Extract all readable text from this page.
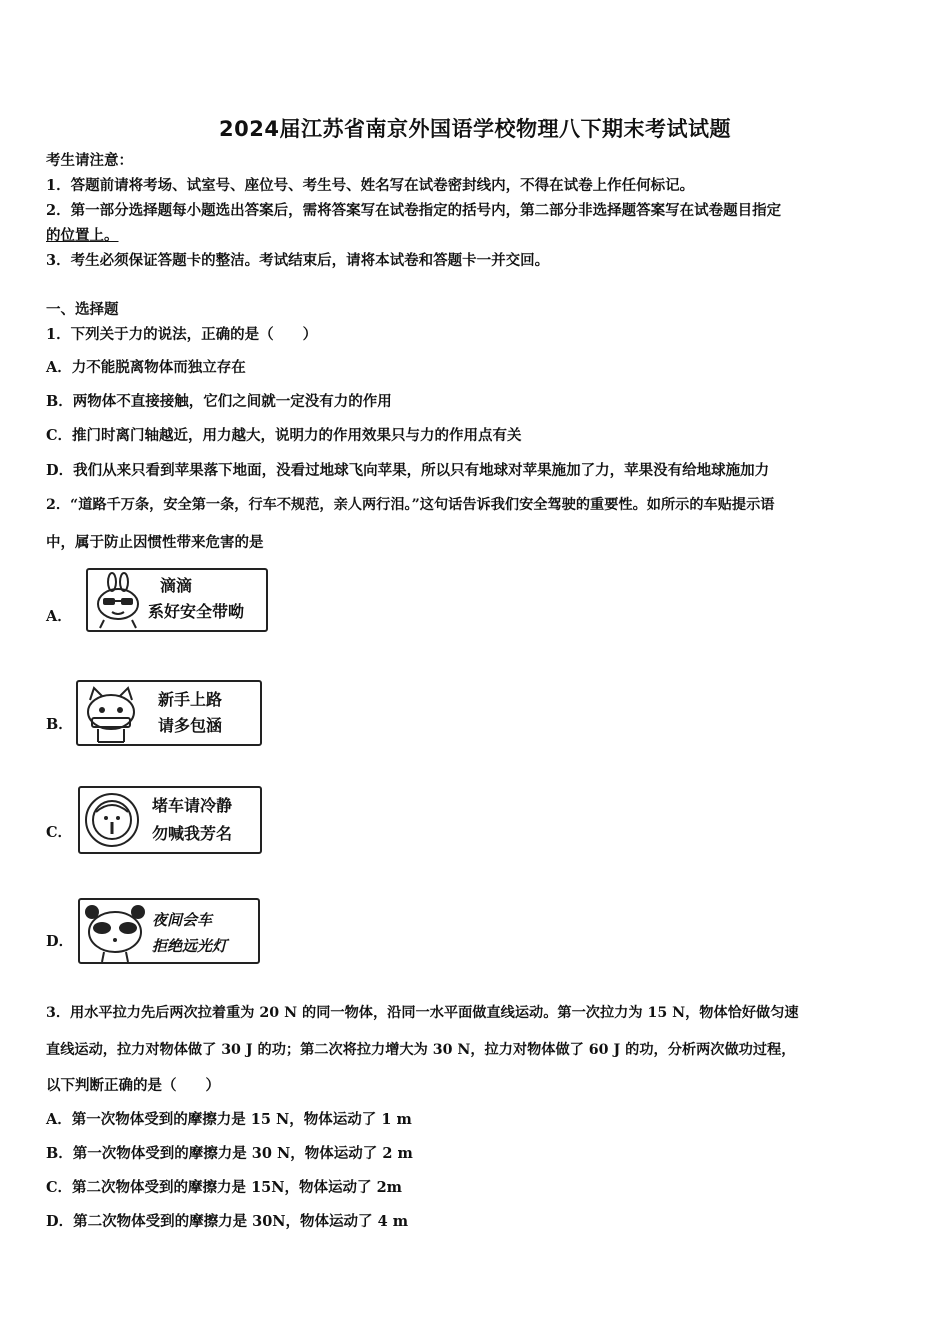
2024届江苏省南京外国语学校物理八下期末考试试题
考生请注意：
1．答题前请将考场、试室号、座位号、考生号、姓名写在试卷密封线内，不得在试卷上作任何标记。
2．第一部分选择题每小题选出答案后，需将答案写在试卷指定的括号内，第二部分非选择题答案写在试卷题目指定
的位置上。
3．考生必须保证答题卡的整洁。考试结束后，请将本试卷和答题卡一并交回。
一、选择题
1．下列关于力的说法，正确的是（　　）
A．力不能脱离物体而独立存在
B．两物体不直接接触，它们之间就一定没有力的作用
C．推门时离门轴越近，用力越大，说明力的作用效果只与力的作用点有关
D．我们从来只看到苹果落下地面，没看过地球飞向苹果，所以只有地球对苹果施加了力，苹果没有给地球施加力
2．“道路千万条，安全第一条，行车不规范，亲人两行泪。”这句话告诉我们安全驾驶的重要性。如所示的车贴提示语
中，属于防止因惯性带来危害的是
A．
滴滴
系好安全带呦
B．
新手上路
请多包涵
C．
堵车请冷静
勿喊我芳名
D．
夜间会车
拒绝远光灯
3．用水平拉力先后两次拉着重为 20 N 的同一物体，沿同一水平面做直线运动。第一次拉力为 15 N，物体恰好做匀速
直线运动，拉力对物体做了 30 J 的功；第二次将拉力增大为 30 N，拉力对物体做了 60 J 的功，分析两次做功过程，
以下判断正确的是（　　）
A．第一次物体受到的摩擦力是 15 N，物体运动了 1 m
B．第一次物体受到的摩擦力是 30 N，物体运动了 2 m
C．第二次物体受到的摩擦力是 15N，物体运动了 2m
D．第二次物体受到的摩擦力是 30N，物体运动了 4 m
